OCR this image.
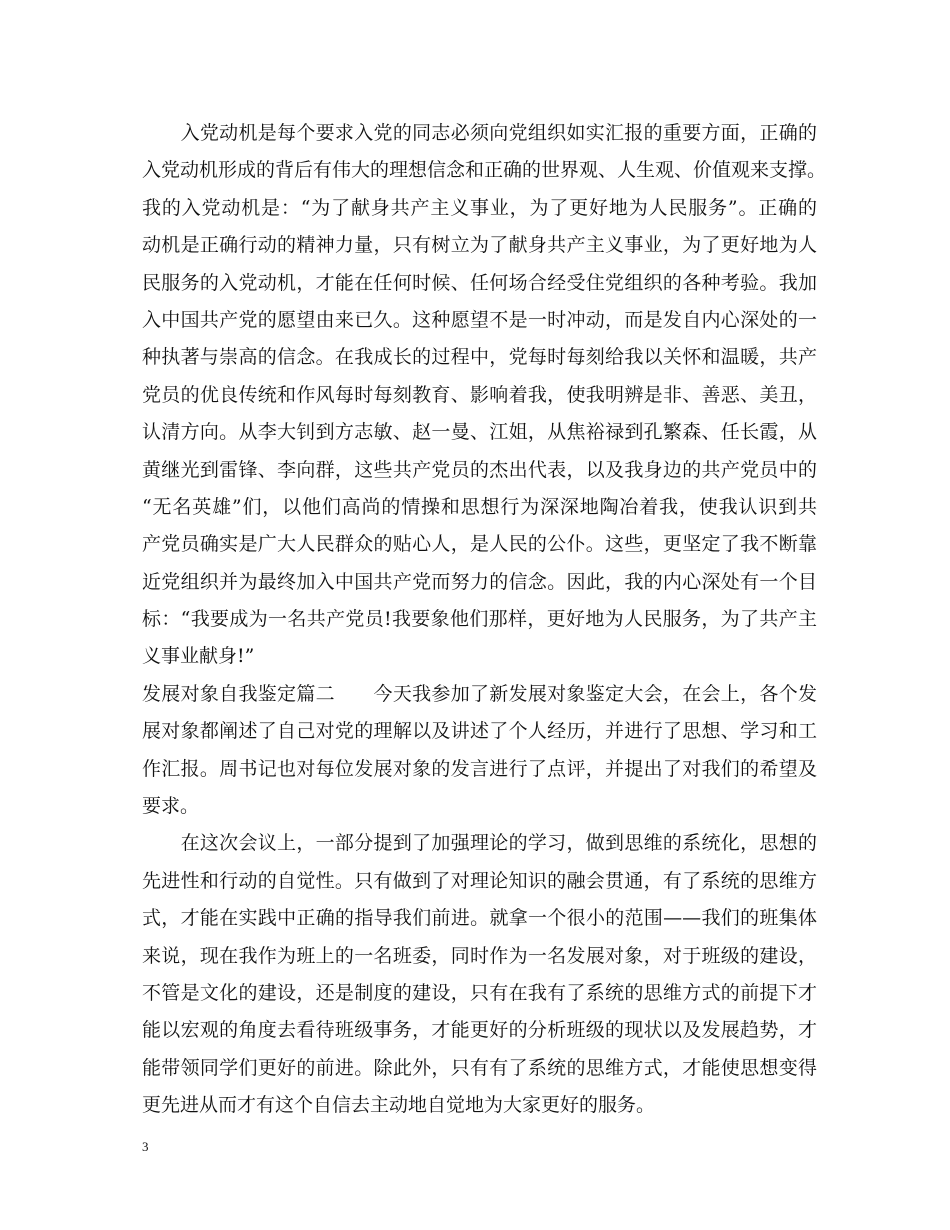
　　入党动机是每个要求入党的同志必须向党组织如实汇报的重要方面，正确的
入党动机形成的背后有伟大的理想信念和正确的世界观、人生观、价值观来支撑。
我的入党动机是：“为了献身共产主义事业，为了更好地为人民服务”。正确的
动机是正确行动的精神力量，只有树立为了献身共产主义事业，为了更好地为人
民服务的入党动机，才能在任何时候、任何场合经受住党组织的各种考验。我加
入中国共产党的愿望由来已久。这种愿望不是一时冲动，而是发自内心深处的一
种执著与崇高的信念。在我成长的过程中，党每时每刻给我以关怀和温暖，共产
党员的优良传统和作风每时每刻教育、影响着我，使我明辨是非、善恶、美丑，
认清方向。从李大钊到方志敏、赵一曼、江姐，从焦裕禄到孔繁森、任长霞，从
黄继光到雷锋、李向群，这些共产党员的杰出代表，以及我身边的共产党员中的
“无名英雄”们，以他们高尚的情操和思想行为深深地陶冶着我，使我认识到共
产党员确实是广大人民群众的贴心人，是人民的公仆。这些，更坚定了我不断靠
近党组织并为最终加入中国共产党而努力的信念。因此，我的内心深处有一个目
标：“我要成为一名共产党员!我要象他们那样，更好地为人民服务，为了共产主
义事业献身!”
发展对象自我鉴定篇二　　今天我参加了新发展对象鉴定大会，在会上，各个发
展对象都阐述了自己对党的理解以及讲述了个人经历，并进行了思想、学习和工
作汇报。周书记也对每位发展对象的发言进行了点评，并提出了对我们的希望及
要求。
　　在这次会议上，一部分提到了加强理论的学习，做到思维的系统化，思想的
先进性和行动的自觉性。只有做到了对理论知识的融会贯通，有了系统的思维方
式，才能在实践中正确的指导我们前进。就拿一个很小的范围——我们的班集体
来说，现在我作为班上的一名班委，同时作为一名发展对象，对于班级的建设，
不管是文化的建设，还是制度的建设，只有在我有了系统的思维方式的前提下才
能以宏观的角度去看待班级事务，才能更好的分析班级的现状以及发展趋势，才
能带领同学们更好的前进。除此外，只有有了系统的思维方式，才能使思想变得
更先进从而才有这个自信去主动地自觉地为大家更好的服务。
3
